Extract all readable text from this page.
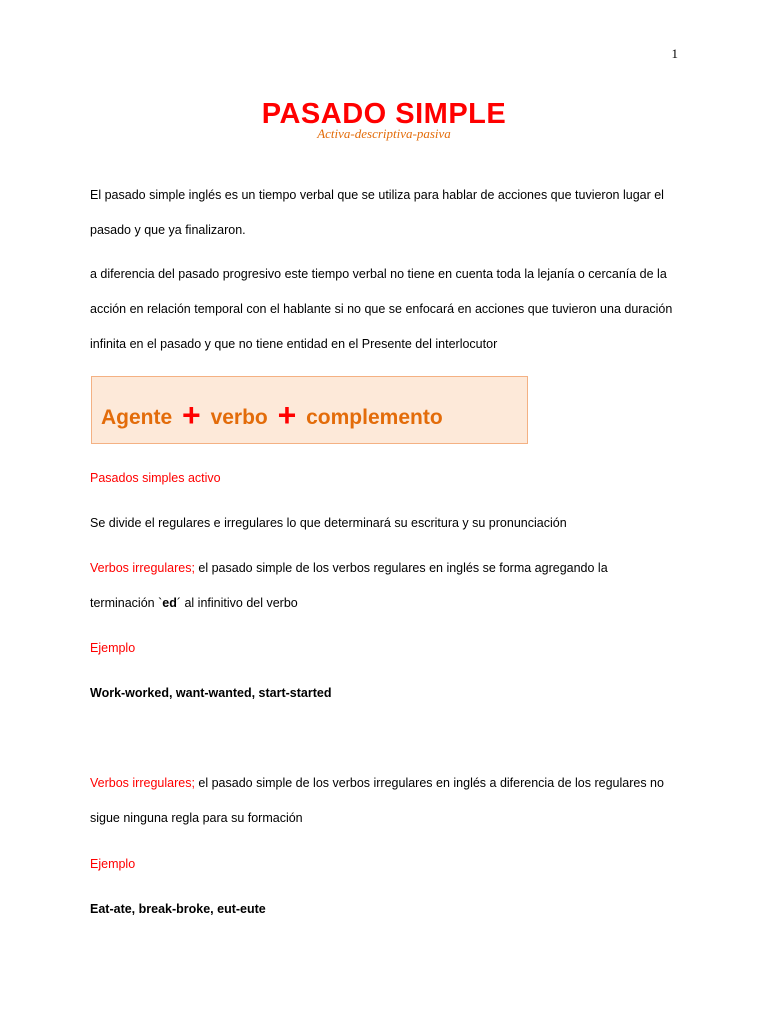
1
PASADO SIMPLE
Activa-descriptiva-pasiva
El pasado simple inglés es un tiempo verbal que se utiliza para hablar de acciones que tuvieron lugar el pasado y que ya finalizaron.
a diferencia del pasado progresivo este tiempo verbal no tiene en cuenta toda la lejanía o cercanía de la acción en relación temporal con el hablante si no que se enfocará en acciones que tuvieron una duración infinita en el pasado y que no tiene entidad en el Presente del interlocutor
Agente + verbo + complemento
Pasados simples activo
Se divide el regulares e irregulares lo que determinará su escritura y su pronunciación
Verbos irregulares; el pasado simple de los verbos regulares en inglés se forma agregando la
terminación `ed´ al infinitivo del verbo
Ejemplo
Work-worked, want-wanted, start-started
Verbos irregulares; el pasado simple de los verbos irregulares en inglés a diferencia de los regulares no
sigue ninguna regla para su formación
Ejemplo
Eat-ate, break-broke, eut-eute
